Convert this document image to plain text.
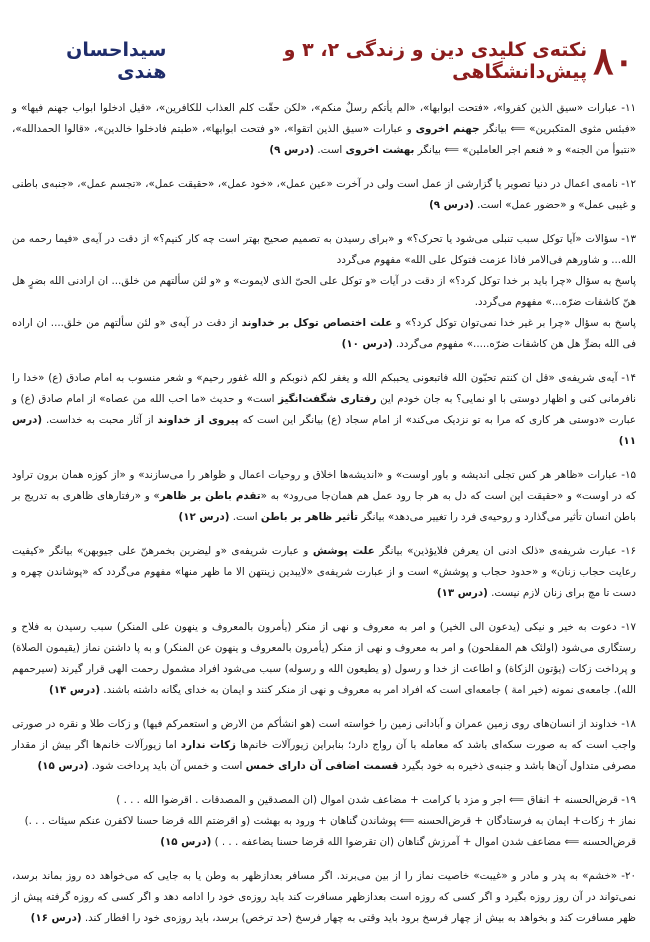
۸۰
نکته‌ی کلیدی دین و زندگی ۲، ۳ و پیش‌دانشگاهی
سیداحسان هندی

۱۱- عبارات «سيق الذين كفروا»، «فتحت ابوابها»، «الم يأتكم رسلٌ منكم»، «لكن حقّت كلم العذاب للكافرين»، «قيل ادخلوا ابواب جهنم فيها» و «فبئس مثوی المتکبرين» ⟸ بيانگر جهنم اخروی و عبارات «سيق الذين اتقوا»، «و فتحت ابوابها»، «طبتم فادخلوا خالدين»، «قالوا الحمدالله»، «نتبوأ من الجنه» و « فنعم اجر العاملين» ⟸ بيانگر بهشت اخروی است. (درس ۹)

۱۲- نامه‌ی اعمال در دنيا تصوير يا گزارشی از عمل است ولی در آخرت «عين عمل»، «خود عمل»، «حقيقت عمل»، «تجسم عمل»، «جنبه‌ی باطنی و غيبی عمل» و «حضور عمل» است. (درس ۹)

۱۳- سؤالات «آيا توکل سبب تنبلی می‌شود يا تحرک؟» و «برای رسيدن به تصميم صحيح بهتر است چه کار کنيم؟» از دقت در آيه‌ی «فيما رحمه من الله... و شاورهم فی‌الامر فاذا عزمت فتوکل علی الله» مفهوم می‌گردد
پاسخ به سؤال «چرا بايد بر خدا توکل کرد؟» از دقت در آيات «و توکل علی الحیّ الذی لايموت» و «و لئن سألتهم من خلق... ان ارادنی الله بضرٍ هل هنّ کاشفات ضرّه...» مفهوم می‌گردد.
پاسخ به سؤال «چرا بر غير خدا نمی‌توان توکل کرد؟» و علت اختصاص توکل بر خداوند از دقت در آيه‌ی «و لئن سألتهم من خلق.... ان اراده فی الله بضرٍّ هل هن کاشفات ضرّه.....» مفهوم می‌گردد. (درس ۱۰)

۱۴- آيه‌ی شريفه‌ی «قل ان کنتم تحبّون الله فاتبعونی يحببکم الله و يغفر لکم ذنوبکم و الله غفور رحيم» و شعر منسوب به امام صادق (ع) «خدا را نافرمانی کنی و اظهار دوستی با او نمايی؟ به جان خودم اين رفتاری شگفت‌انگيز است» و حديث «ما احب الله من عصاه» از امام صادق (ع) و عبارت «دوستی هر کاری که مرا به تو نزديک می‌کند» از امام سجاد (ع) بيانگر اين است که پيروی از خداوند از آثار محبت به خداست. (درس ۱۱)

۱۵- عبارات «ظاهر هر کس تجلی انديشه و باور اوست» و «انديشه‌ها اخلاق و روحيات اعمال و ظواهر را می‌سازند» و «از کوزه همان برون تراود که در اوست» و «حقيقت اين است که دل به هر جا رود عمل هم همان‌جا می‌رود» به «تقدم باطن بر ظاهر» و «رفتارهای ظاهری به تدريج بر باطن انسان تأثير می‌گذارد و روحيه‌ی فرد را تغيير می‌دهد» بيانگر تأثير ظاهر بر باطن است. (درس ۱۲)

۱۶- عبارت شريفه‌ی «ذلک ادنی ان يعرفن فلايؤذين» بيانگر علت پوشش و عبارت شريفه‌ی «و ليضربن بخمرهنّ علی جيوبهن» بيانگر «کيفيت رعايت حجاب زنان» و «حدود حجاب و پوشش» است و از عبارت شريفه‌ی «لايبدين زينتهن الا ما ظهر منها» مفهوم می‌گردد که «پوشاندن چهره و دست تا مچ برای زنان لازم نيست. (درس ۱۳)

۱۷- دعوت به خير و نيکی (يدعون الی الخير) و امر به معروف و نهی از منکر (يأمرون بالمعروف و ينهون علی المنکر) سبب رسيدن به فلاح و رستگاری می‌شود (اولئک هم المفلحون) و امر به معروف و نهی از منکر (يأمرون بالمعروف و ينهون عن المنکر) و به پا داشتن نماز (يقيمون الصلاة) و پرداخت زکات (يؤتون الزکاة) و اطاعت از خدا و رسول (و يطيعون الله و رسوله) سبب می‌شود افراد مشمول رحمت الهی قرار گيرند (سيرحمهم الله). جامعه‌ی نمونه (خير امة ) جامعه‌ای است که افراد امر به معروف و نهی از منکر کنند و ايمان به خدای يگانه داشته باشند. (درس ۱۴)

۱۸- خداوند از انسان‌های روی زمين عمران و آبادانی زمين را خواسته است (هو انشأکم من الارض و استعمرکم فيها) و زکات طلا و نقره در صورتی واجب است که به صورت سکه‌ای باشد که معامله با آن رواج دارد؛ بنابراين زيورآلات خانم‌ها زکات ندارد اما زيورآلات خانم‌ها اگر بيش از مقدار مصرفی متداول آن‌ها باشد و جنبه‌ی ذخيره به خود بگيرد قسمت اضافی آن دارای خمس است و خمس آن بايد پرداخت شود. (درس ۱۵)

۱۹- قرض‌الحسنه + انفاق ⟸ اجر و مزد با کرامت + مضاعف شدن اموال (ان المصدقين و المصدقات . اقرضوا الله . . . )
نماز + زکات+ ايمان به فرستادگان + قرض‌الحسنه ⟸ پوشاندن گناهان + ورود به بهشت (و اقرضتم الله قرضا حسنا لاکفرن عنکم سيئات . . .)
قرض‌الحسنه ⟸ مضاعف شدن اموال + آمرزش گناهان (ان تقرضوا الله قرضا حسنا يضاعفه . . . ) (درس ۱۵)

۲۰- «خشم» به پدر و مادر و «غيبت» خاصيت نماز را از بين می‌برند. اگر مسافر بعدازظهر به وطن يا به جايی که می‌خواهد ده روز بماند برسد، نمی‌تواند در آن روز روزه بگيرد و اگر کسی که روزه است بعدازظهر مسافرت کند بايد روزه‌ی خود را ادامه دهد و اگر کسی که روزه گرفته پيش از ظهر مسافرت کند و بخواهد به بيش از چهار فرسخ برود بايد وقتی به چهار فرسخ (حد ترخص) برسد، بايد روزه‌ی خود را افطار کند. (درس ۱۶)
